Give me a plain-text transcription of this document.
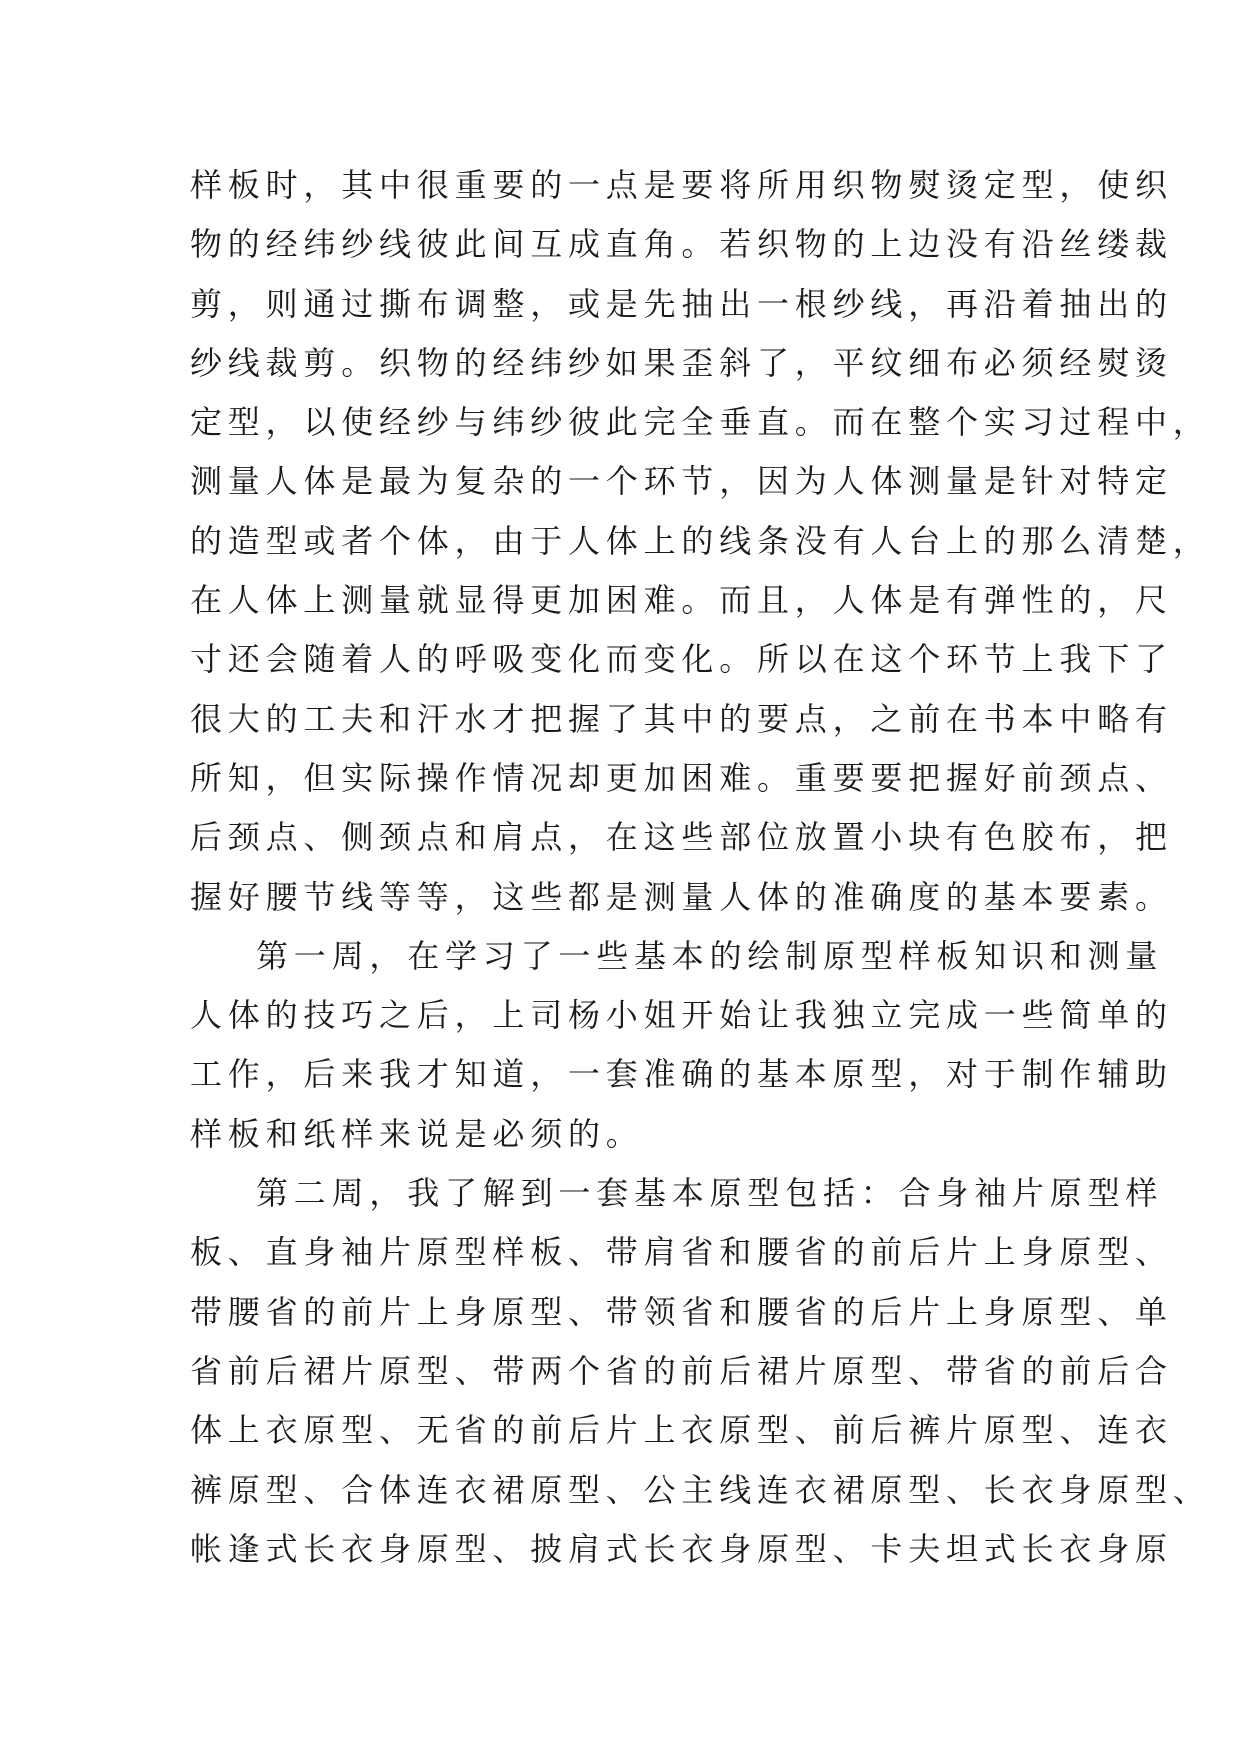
样板时，其中很重要的一点是要将所用织物熨烫定型，使织
物的经纬纱线彼此间互成直角。若织物的上边没有沿丝缕裁
剪，则通过撕布调整，或是先抽出一根纱线，再沿着抽出的
纱线裁剪。织物的经纬纱如果歪斜了，平纹细布必须经熨烫
定型，以使经纱与纬纱彼此完全垂直。而在整个实习过程中，
测量人体是最为复杂的一个环节，因为人体测量是针对特定
的造型或者个体，由于人体上的线条没有人台上的那么清楚，
在人体上测量就显得更加困难。而且，人体是有弹性的，尺
寸还会随着人的呼吸变化而变化。所以在这个环节上我下了
很大的工夫和汗水才把握了其中的要点，之前在书本中略有
所知，但实际操作情况却更加困难。重要要把握好前颈点、
后颈点、侧颈点和肩点，在这些部位放置小块有色胶布，把
握好腰节线等等，这些都是测量人体的准确度的基本要素。
第一周，在学习了一些基本的绘制原型样板知识和测量
人体的技巧之后，上司杨小姐开始让我独立完成一些简单的
工作，后来我才知道，一套准确的基本原型，对于制作辅助
样板和纸样来说是必须的。
第二周，我了解到一套基本原型包括：合身袖片原型样
板、直身袖片原型样板、带肩省和腰省的前后片上身原型、
带腰省的前片上身原型、带领省和腰省的后片上身原型、单
省前后裙片原型、带两个省的前后裙片原型、带省的前后合
体上衣原型、无省的前后片上衣原型、前后裤片原型、连衣
裤原型、合体连衣裙原型、公主线连衣裙原型、长衣身原型、
帐逢式长衣身原型、披肩式长衣身原型、卡夫坦式长衣身原
